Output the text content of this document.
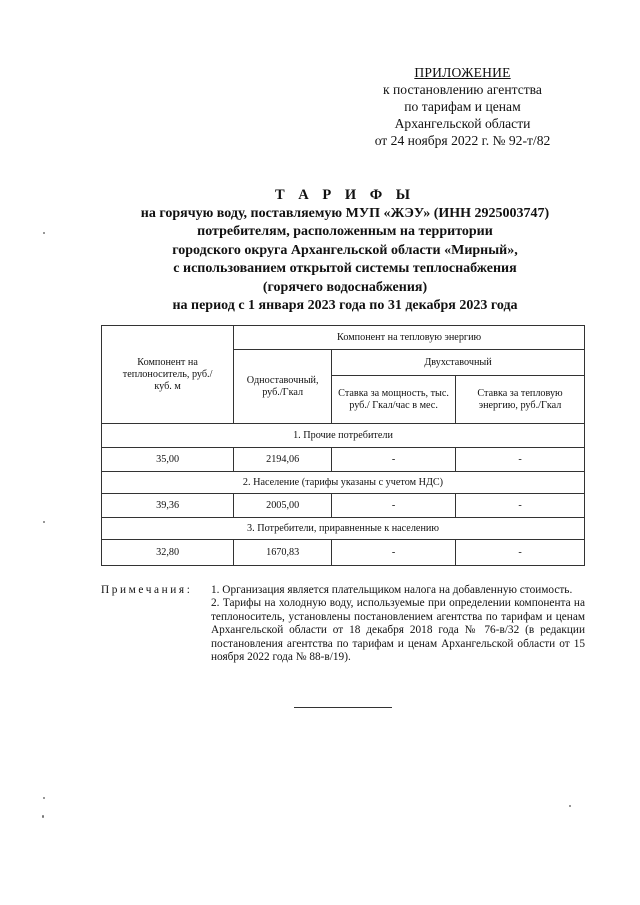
ПРИЛОЖЕНИЕ
к постановлению агентства
по тарифам и ценам
Архангельской области
от 24 ноября 2022 г. № 92-т/82
Т А Р И Ф Ы
на горячую воду, поставляемую МУП «ЖЭУ» (ИНН 2925003747)
потребителям, расположенным на территории
городского округа Архангельской области «Мирный»,
с использованием открытой системы теплоснабжения
(горячего водоснабжения)
на период с 1 января 2023 года по 31 декабря 2023 года
Компонент на теплоноситель, руб./куб. м	Компонент на тепловую энергию		

	Одноставочный, руб./Гкал	Двухставочный	

		Ставка за мощность, тыс. руб./ Гкал/час в мес.	Ставка за тепловую энергию, руб./Гкал

1. Прочие потребители			
35,00	2194,06	-	-
2. Население (тарифы указаны с учетом НДС)			
39,36	2005,00	-	-
3. Потребители, приравненные к населению			
32,80	1670,83	-	-
Примечания: 1. Организация является плательщиком налога на добавленную стоимость.

2. Тарифы на холодную воду, используемые при определении компонента на теплоноситель, установлены постановлением агентства по тарифам и ценам Архангельской области от 18 декабря 2018 года № 76-в/32 (в редакции постановления агентства по тарифам и ценам Архангельской области от 15 ноября 2022 года № 88-в/19).
